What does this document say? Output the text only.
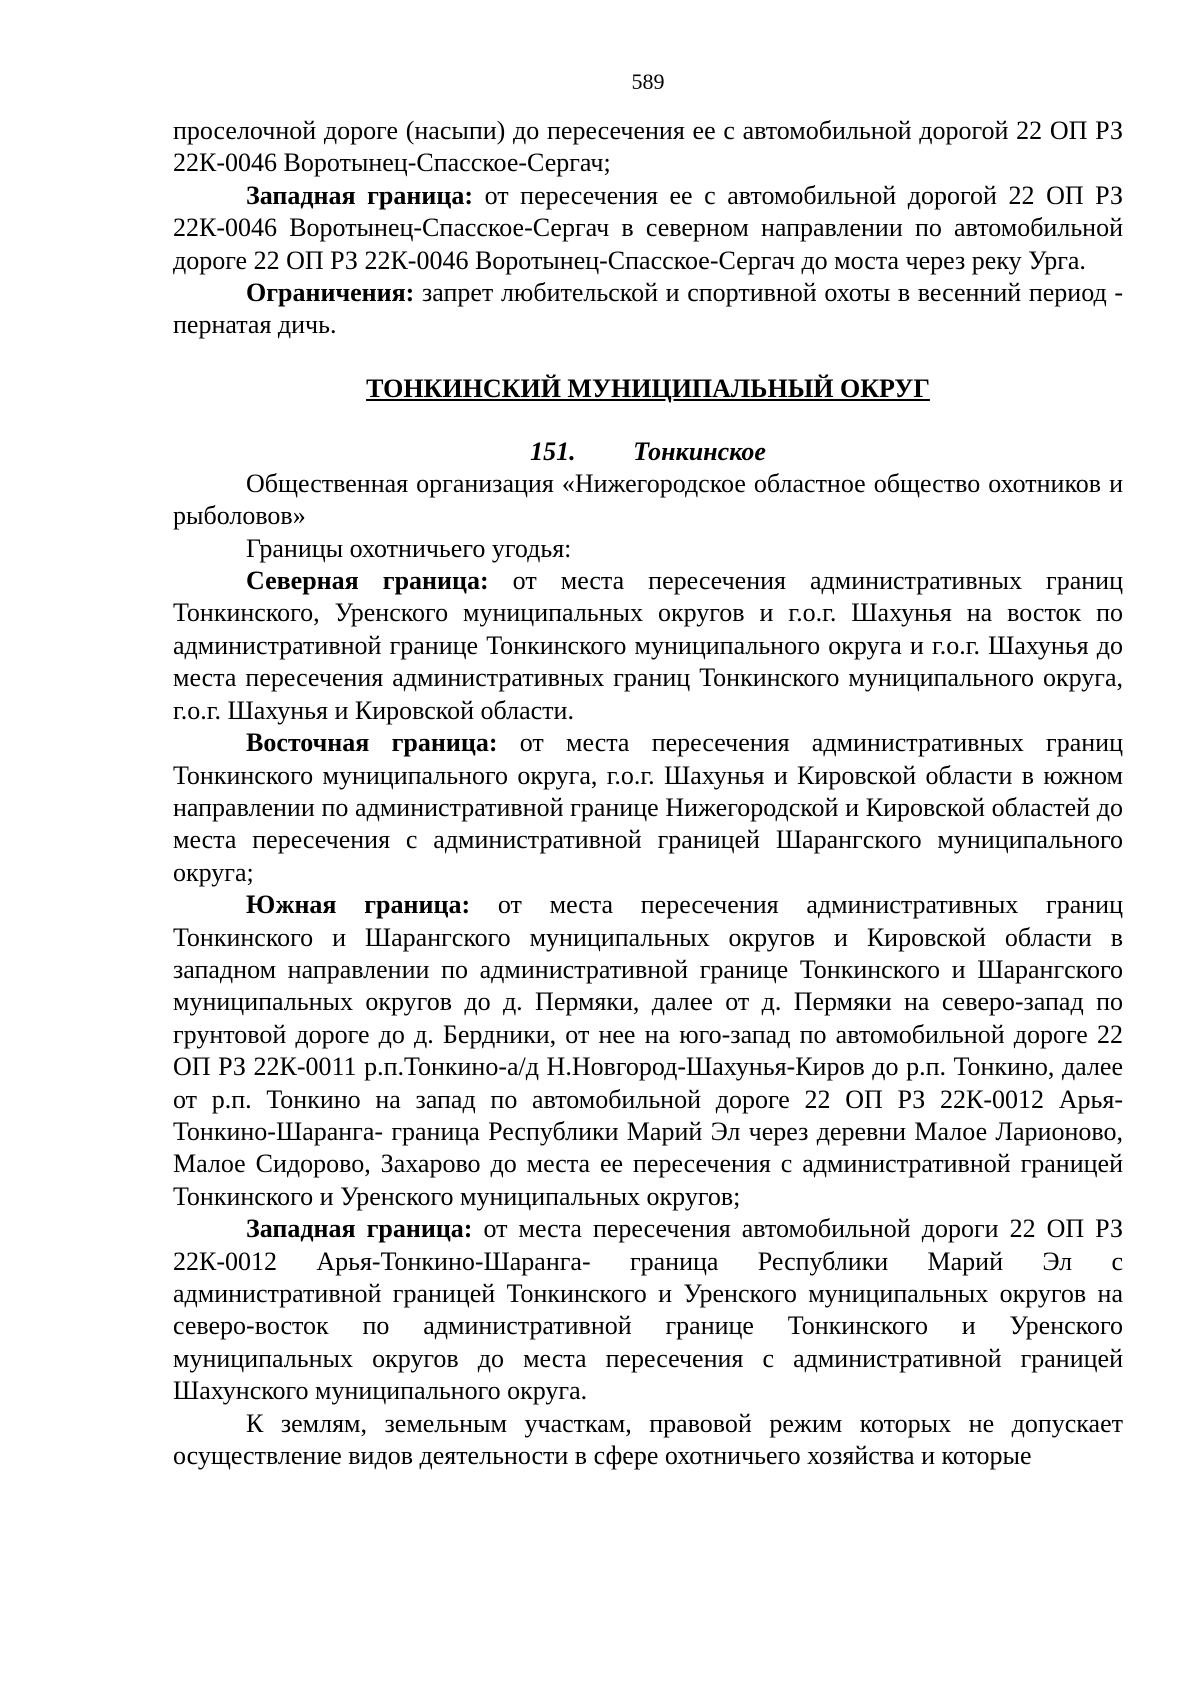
589

проселочной дороге (насыпи) до пересечения ее с автомобильной дорогой 22 ОП РЗ 22К-0046 Воротынец-Спасское-Сергач;

Западная граница: от пересечения ее с автомобильной дорогой 22 ОП РЗ 22К-0046 Воротынец-Спасское-Сергач в северном направлении по автомобильной дороге 22 ОП РЗ 22К-0046 Воротынец-Спасское-Сергач до моста через реку Урга.

Ограничения: запрет любительской и спортивной охоты в весенний период - пернатая дичь.

ТОНКИНСКИЙ МУНИЦИПАЛЬНЫЙ ОКРУГ

151. Тонкинское

Общественная организация «Нижегородское областное общество охотников и рыболовов»

Границы охотничьего угодья:

Северная граница: от места пересечения административных границ Тонкинского, Уренского муниципальных округов и г.о.г. Шахунья на восток по административной границе Тонкинского муниципального округа и г.о.г. Шахунья до места пересечения административных границ Тонкинского муниципального округа, г.о.г. Шахунья и Кировской области.

Восточная граница: от места пересечения административных границ Тонкинского муниципального округа, г.о.г. Шахунья и Кировской области в южном направлении по административной границе Нижегородской и Кировской областей до места пересечения с административной границей Шарангского муниципального округа;

Южная граница: от места пересечения административных границ Тонкинского и Шарангского муниципальных округов и Кировской области в западном направлении по административной границе Тонкинского и Шарангского муниципальных округов до д. Пермяки, далее от д. Пермяки на северо-запад по грунтовой дороге до д. Бердники, от нее на юго-запад по автомобильной дороге 22 ОП РЗ 22К-0011 р.п.Тонкино-а/д Н.Новгород-Шахунья-Киров до р.п. Тонкино, далее от р.п. Тонкино на запад по автомобильной дороге 22 ОП РЗ 22К-0012 Арья-Тонкино-Шаранга- граница Республики Марий Эл через деревни Малое Ларионово, Малое Сидорово, Захарово до места ее пересечения с административной границей Тонкинского и Уренского муниципальных округов;

Западная граница: от места пересечения автомобильной дороги 22 ОП РЗ 22К-0012 Арья-Тонкино-Шаранга- граница Республики Марий Эл с административной границей Тонкинского и Уренского муниципальных округов на северо-восток по административной границе Тонкинского и Уренского муниципальных округов до места пересечения с административной границей Шахунского муниципального округа.

К землям, земельным участкам, правовой режим которых не допускает осуществление видов деятельности в сфере охотничьего хозяйства и которые
